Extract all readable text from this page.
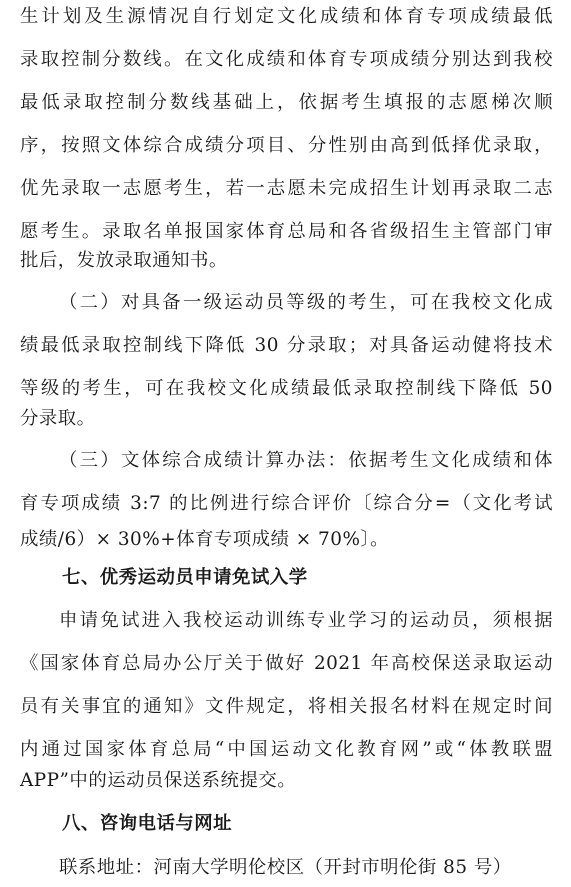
生计划及生源情况自行划定文化成绩和体育专项成绩最低
录取控制分数线。在文化成绩和体育专项成绩分别达到我校
最低录取控制分数线基础上，依据考生填报的志愿梯次顺
序，按照文体综合成绩分项目、分性别由高到低择优录取，
优先录取一志愿考生，若一志愿未完成招生计划再录取二志
愿考生。录取名单报国家体育总局和各省级招生主管部门审
批后，发放录取通知书。
（二）对具备一级运动员等级的考生，可在我校文化成
绩最低录取控制线下降低 30 分录取；对具备运动健将技术
等级的考生，可在我校文化成绩最低录取控制线下降低 50
分录取。
（三）文体综合成绩计算办法：依据考生文化成绩和体
育专项成绩 3:7 的比例进行综合评价〔综合分=（文化考试
成绩/6）× 30%+体育专项成绩 × 70%〕。
七、优秀运动员申请免试入学
申请免试进入我校运动训练专业学习的运动员，须根据
《国家体育总局办公厅关于做好 2021 年高校保送录取运动
员有关事宜的通知》文件规定，将相关报名材料在规定时间
内通过国家体育总局“中国运动文化教育网”或“体教联盟
APP”中的运动员保送系统提交。
八、咨询电话与网址
联系地址：河南大学明伦校区（开封市明伦街 85 号）
